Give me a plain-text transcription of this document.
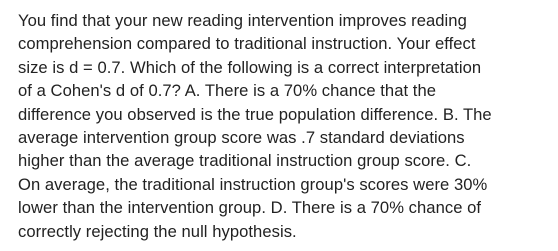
You find that your new reading intervention improves reading
comprehension compared to traditional instruction. Your effect
size is d = 0.7. Which of the following is a correct interpretation
of a Cohen's d of 0.7? A. There is a 70% chance that the
difference you observed is the true population difference. B. The
average intervention group score was .7 standard deviations
higher than the average traditional instruction group score. C.
On average, the traditional instruction group's scores were 30%
lower than the intervention group. D. There is a 70% chance of
correctly rejecting the null hypothesis.
